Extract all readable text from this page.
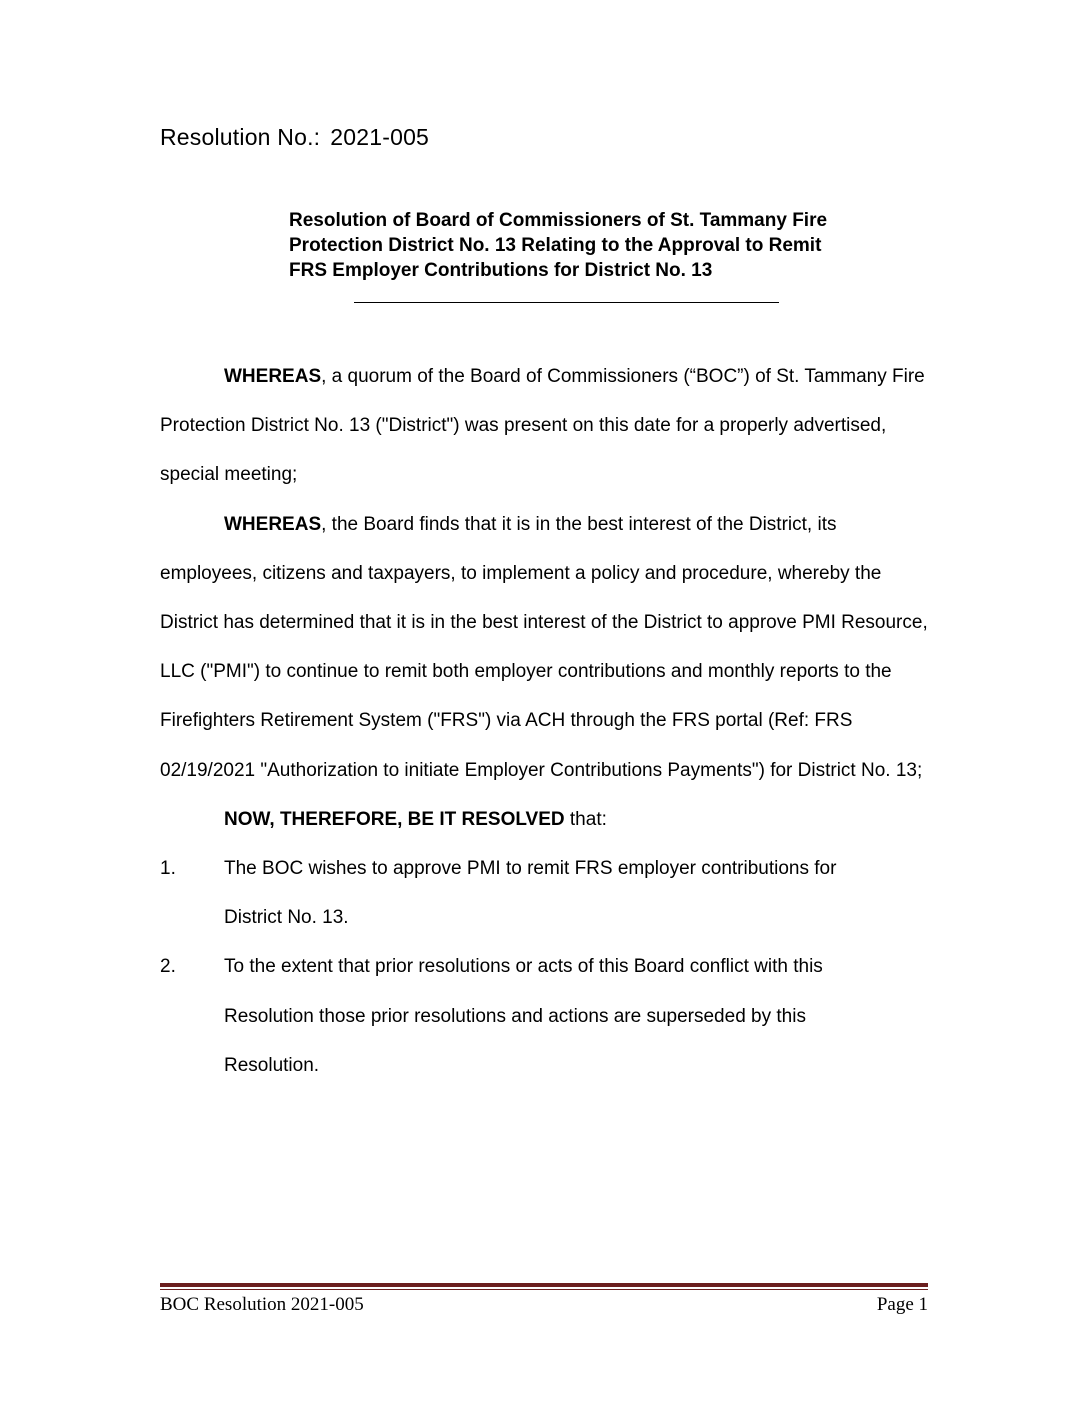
Resolution No.: 2021-005
Resolution of Board of Commissioners of St. Tammany Fire
Protection District No. 13 Relating to the Approval to Remit
FRS Employer Contributions for District No. 13

WHEREAS, a quorum of the Board of Commissioners (“BOC”) of St. Tammany Fire Protection District No. 13 ("District") was present on this date for a properly advertised, special meeting;

WHEREAS, the Board finds that it is in the best interest of the District, its employees, citizens and taxpayers, to implement a policy and procedure, whereby the District has determined that it is in the best interest of the District to approve PMI Resource, LLC ("PMI") to continue to remit both employer contributions and monthly reports to the Firefighters Retirement System ("FRS") via ACH through the FRS portal (Ref: FRS 02/19/2021 "Authorization to initiate Employer Contributions Payments") for District No. 13;

NOW, THEREFORE, BE IT RESOLVED that:

1.	The BOC wishes to approve PMI to remit FRS employer contributions for District No. 13.
2.	To the extent that prior resolutions or acts of this Board conflict with this Resolution those prior resolutions and actions are superseded by this Resolution.
BOC Resolution 2021-005	Page 1
